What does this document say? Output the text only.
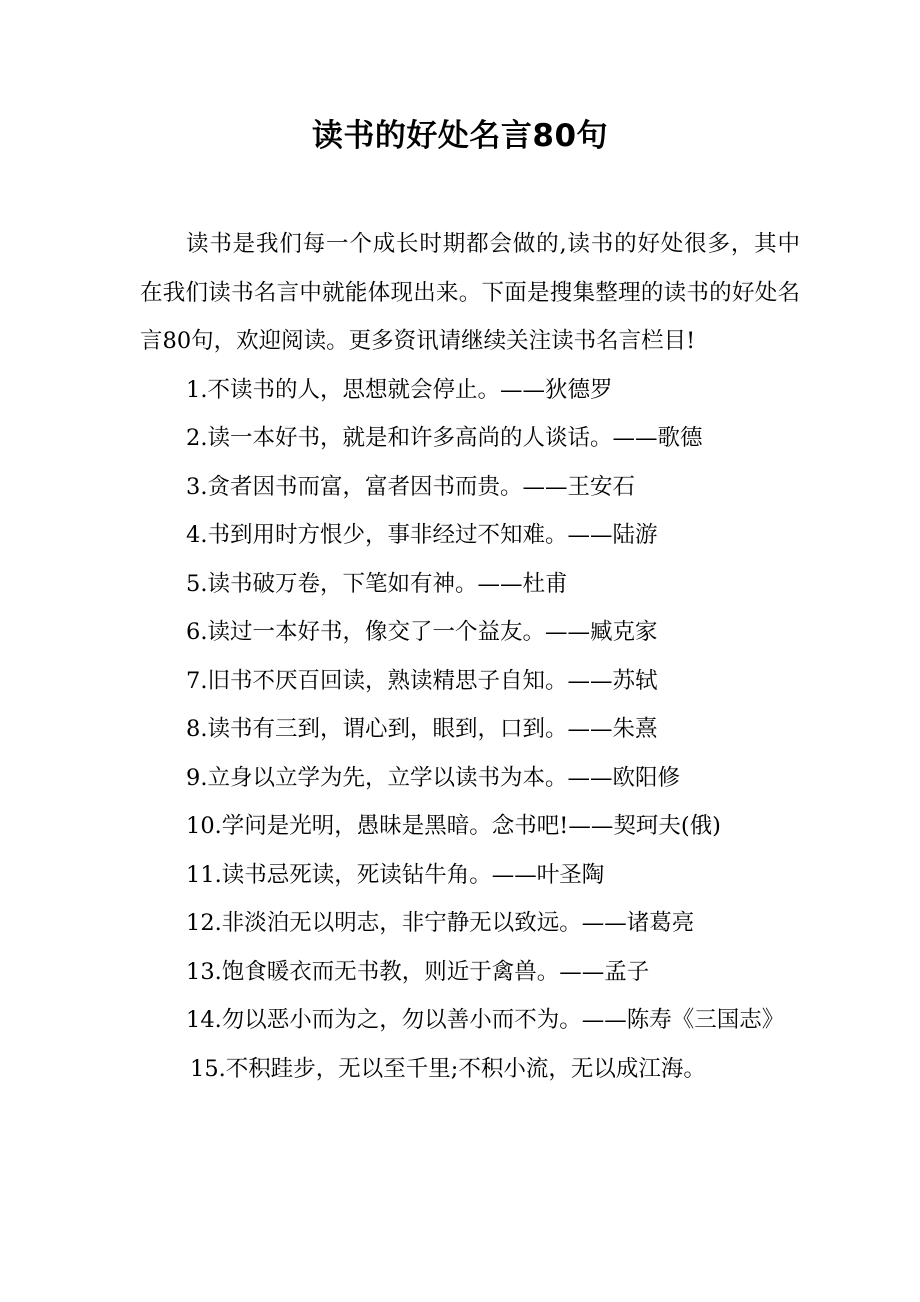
读书的好处名言80句

读书是我们每一个成长时期都会做的,读书的好处很多，其中在我们读书名言中就能体现出来。下面是搜集整理的读书的好处名言80句，欢迎阅读。更多资讯请继续关注读书名言栏目!

1.不读书的人，思想就会停止。——狄德罗

2.读一本好书，就是和许多高尚的人谈话。——歌德

3.贪者因书而富，富者因书而贵。——王安石

4.书到用时方恨少，事非经过不知难。——陆游

5.读书破万卷，下笔如有神。——杜甫

6.读过一本好书，像交了一个益友。——臧克家

7.旧书不厌百回读，熟读精思子自知。——苏轼

8.读书有三到，谓心到，眼到，口到。——朱熹

9.立身以立学为先，立学以读书为本。——欧阳修

10.学问是光明，愚昧是黑暗。念书吧!——契珂夫(俄)

11.读书忌死读，死读钻牛角。——叶圣陶

12.非淡泊无以明志，非宁静无以致远。——诸葛亮

13.饱食暖衣而无书教，则近于禽兽。——孟子

14.勿以恶小而为之，勿以善小而不为。——陈寿《三国志》

15.不积跬步，无以至千里;不积小流，无以成江海。
